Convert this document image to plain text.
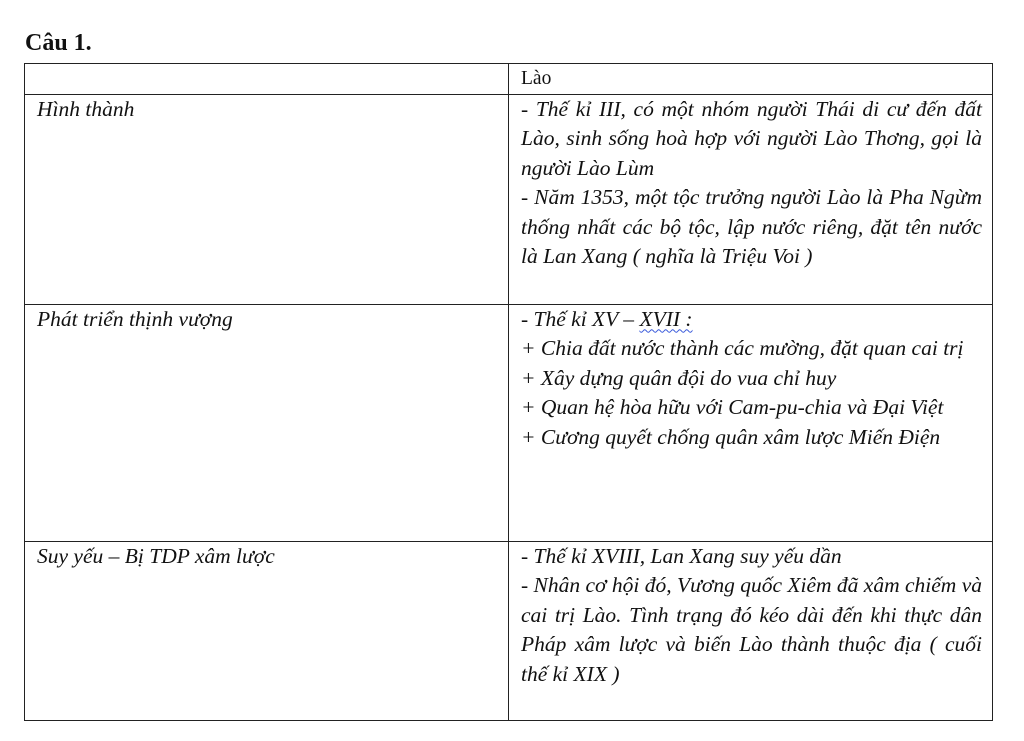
Câu 1.
	Lào
Hình thành	- Thế kỉ III, có một nhóm người Thái di cư đến đất Lào, sinh sống hoà hợp với người Lào Thơng, gọi là người Lào Lùm
- Năm 1353, một tộc trưởng người Lào là Pha Ngừm thống nhất các bộ tộc, lập nước riêng, đặt tên nước là Lan Xang ( nghĩa là Triệu Voi )

Phát triển thịnh vượng	- Thế kỉ XV – XVII :
+ Chia đất nước thành các mường, đặt quan cai trị
+ Xây dựng quân đội do vua chỉ huy
+ Quan hệ hòa hữu với Cam-pu-chia và Đại Việt
+ Cương quyết chống quân xâm lược Miến Điện

Suy yếu – Bị TDP xâm lược	- Thế kỉ XVIII, Lan Xang suy yếu dần
- Nhân cơ hội đó, Vương quốc Xiêm đã xâm chiếm và cai trị Lào. Tình trạng đó kéo dài đến khi thực dân Pháp xâm lược và biến Lào thành thuộc địa ( cuối thế kỉ XIX )
